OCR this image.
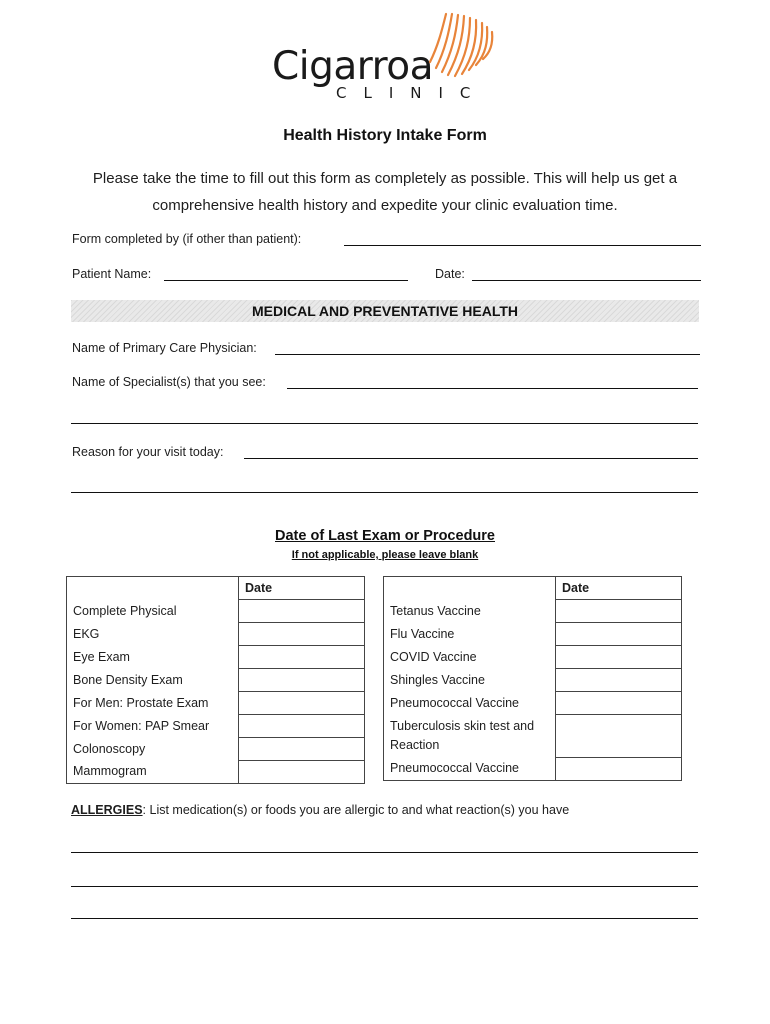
Cigarroa
CLINIC
Health History Intake Form
Please take the time to fill out this form as completely as possible. This will help us get a comprehensive health history and expedite your clinic evaluation time.
Form completed by (if other than patient):
Patient Name:	Date:
MEDICAL AND PREVENTATIVE HEALTH
Name of Primary Care Physician:
Name of Specialist(s) that you see:
Reason for your visit today:
Date of Last Exam or Procedure
If not applicable, please leave blank
	Date
Complete Physical	
EKG	
Eye Exam	
Bone Density Exam	
For Men: Prostate Exam	
For Women: PAP Smear	
Colonoscopy	
Mammogram	
	Date
Tetanus Vaccine	
Flu Vaccine	
COVID Vaccine	
Shingles Vaccine	
Pneumococcal Vaccine	
Tuberculosis skin test and Reaction	
Pneumococcal Vaccine	
ALLERGIES: List medication(s) or foods you are allergic to and what reaction(s) you have
